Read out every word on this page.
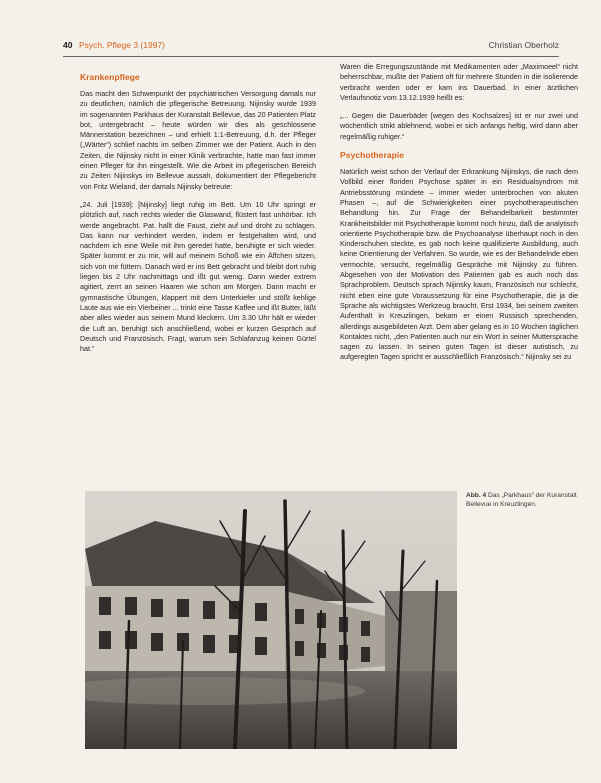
40 Psych. Pflege 3 (1997)	Christian Oberholz
Krankenpflege

Das macht den Schwerpunkt der psychiatrischen Versorgung damals nur zu deutlichen, nämlich die pflegerische Betreuung. Nijinsky wurde 1939 im sogenannten Parkhaus der Kuranstalt Bellevue, das 20 Patienten Platz bot, untergebracht – heute würden wir dies als geschlossene Männerstation bezeichnen – und erhielt 1:1-Betreuung, d.h. der Pfleger („Wärter“) schlief nachts im selben Zimmer wie der Patient. Auch in den Zeiten, die Nijinsky nicht in einer Klinik verbrachte, hatte man fast immer einen Pfleger für ihn eingestellt. Wie die Arbeit im pflegerischen Bereich zu Zeiten Nijinskys im Bellevue aussah, dokumentiert der Pflegebericht von Fritz Wieland, der damals Nijinsky betreute:

„24. Juli [1939]: [Nijinsky] liegt ruhig im Bett. Um 10 Uhr springt er plötzlich auf, nach rechts wieder die Glaswand, flüstert fast unhörbar. Ich werde angebracht. Pat. hallt die Faust, zieht auf und droht zu schlagen. Das kann nur verhindert werden, indem er festgehalten wird, und nachdem ich eine Weile mit ihm geredet hatte, beruhigte er sich wieder. Später kommt er zu mir, will auf meinem Schoß wie ein Äffchen sitzen, sich von mir füttern. Danach wird er ins Bett gebracht und bleibt dort ruhig liegen bis 2 Uhr nachmittags und ißt gut wenig. Dann wieder extrem agitiert, zerrt an seinen Haaren wie schon am Morgen. Dann macht er gymnastische Übungen, klappert mit dem Unterkiefer und stößt kehlige Laute aus wie ein Vierbeiner ... trinkt eine Tasse Kaffee und ißt Butter, läßt aber alles wieder aus seinem Mund kleckern. Um 3.30 Uhr hält er wieder die Luft an, beruhigt sich anschließend, wobei er kurzen Gespräch auf Deutsch und Französisch. Fragt, warum sein Schlafanzug keinen Gürtel hat.“

Waren die Erregungszustände mit Medikamenten oder „Maximoeel“ nicht beherrschbar, mußte der Patient oft für mehrere Stunden in die isolierende verbracht werden oder er kam ins Dauerbad. In einer ärztlichen Verlaufsnotiz vom 13.12.1939 heißt es:

„... Gegen die Dauerbäder [wegen des Kochsalzes] ist er nur zwei und wöchentlich strikt ablehnend, wobei er sich anfangs heftig, wird dann aber regelmäßig ruhiger.“

Psychotherapie

Natürlich weist schon der Verlauf der Erkrankung Nijinskys, die nach dem Vollbild einer floriden Psychose später in ein Residualsyndrom mit Antriebsstörung mündete – immer wieder unterbrochen von akuten Phasen –, auf die Schwierigkeiten einer psychotherapeutischen Behandlung hin. Zur Frage der Behandelbarkeit bestimmter Krankheitsbilder mit Psychotherapie kommt noch hinzu, daß die analytisch orientierte Psychotherapie bzw. die Psychoanalyse überhaupt noch in den Kinderschuhen steckte, es gab noch keine qualifizierte Ausbildung, auch keine Orientierung der Verfahren. So wurde, wie es der Behandelnde eben vermochte, versucht, regelmäßig Gespräche mit Nijinsky zu führen. Abgesehen von der Motivation des Patienten gab es auch noch das Sprachproblem. Deutsch sprach Nijinsky kaum, Französisch nur schlecht, nicht eben eine gute Voraussetzung für eine Psychotherapie, die ja die Sprache als wichtigstes Werkzeug braucht. Erst 1934, bei seinem zweiten Aufenthalt in Kreuzlingen, bekam er einen Russisch sprechenden, allerdings ausgebildeten Arzt. Dem aber gelang es in 10 Wochen täglichen Kontaktes nicht, „den Patienten auch nur ein Wort in seiner Muttersprache sagen zu lassen. In seinen guten Tagen ist dieser autistisch, zu aufgeregten Tagen spricht er ausschließlich Französisch.“ Nijinsky sei zu

Abb. 4 Das „Parkhaus“ der Kuranstalt Bellevue in Kreuzlingen.
